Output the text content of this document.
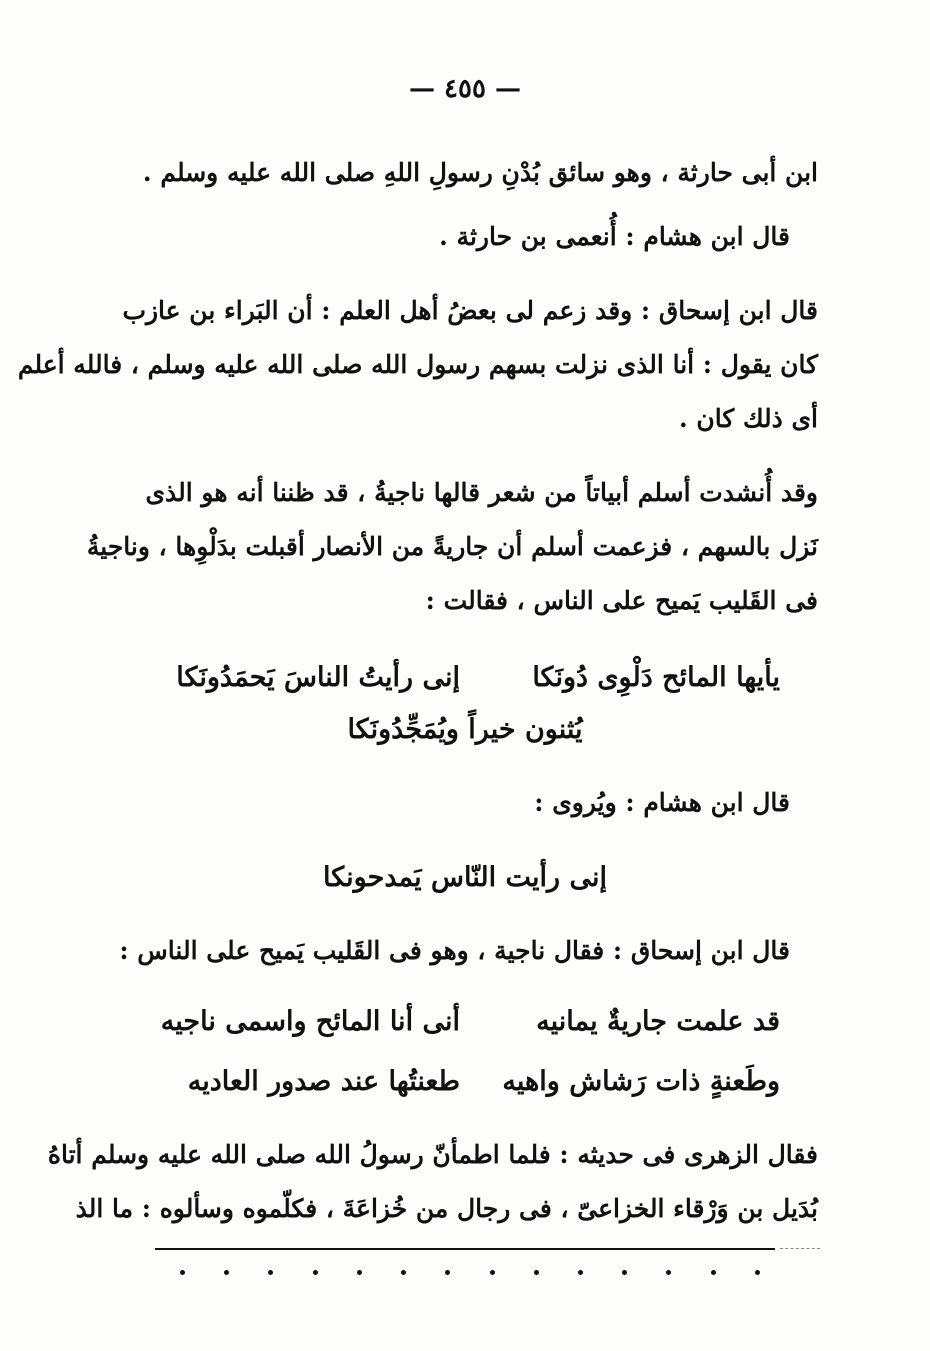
— ٤٥٥ —
ابن أبى حارثة ، وهو سائق بُدْنِ رسولِ اللهِ صلى الله عليه وسلم .
قال ابن هشام : أُنعمى بن حارثة .
قال ابن إسحاق : وقد زعم لى بعضُ أهل العلم : أن البَراء بن عازب
كان يقول : أنا الذى نزلت بسهم رسول الله صلى الله عليه وسلم ، فالله أعلم
أى ذلك كان .
وقد أُنشدت أسلم أبياتاً من شعر قالها ناجيةُ ، قد ظننا أنه هو الذى
نَزل بالسهم ، فزعمت أسلم أن جاريةً من الأنصار أقبلت بدَلْوِها ، وناجيةُ
فى القَليب يَميح على الناس ، فقالت :
يأيها المائح دَلْوِى دُونَكا
إنى رأيتُ الناسَ يَحمَدُونَكا
يُثنون خيراً ويُمَجِّدُونَكا
قال ابن هشام : ويُروى :
إنى رأيت النّاس يَمدحونكا
قال ابن إسحاق : فقال ناجية ، وهو فى القَليب يَميح على الناس :
قد علمت جاريةٌ يمانيه
أنى أنا المائح واسمى ناجيه
وطَعنةٍ ذات رَشاش واهيه
طعنتُها عند صدور العاديه
فقال الزهرى فى حديثه : فلما اطمأنّ رسولُ الله صلى الله عليه وسلم أتاهُ
بُدَيل بن وَرْقاء الخزاعىّ ، فى رجال من خُزاعَةَ ، فكلّموه وسألوه : ما الذ
